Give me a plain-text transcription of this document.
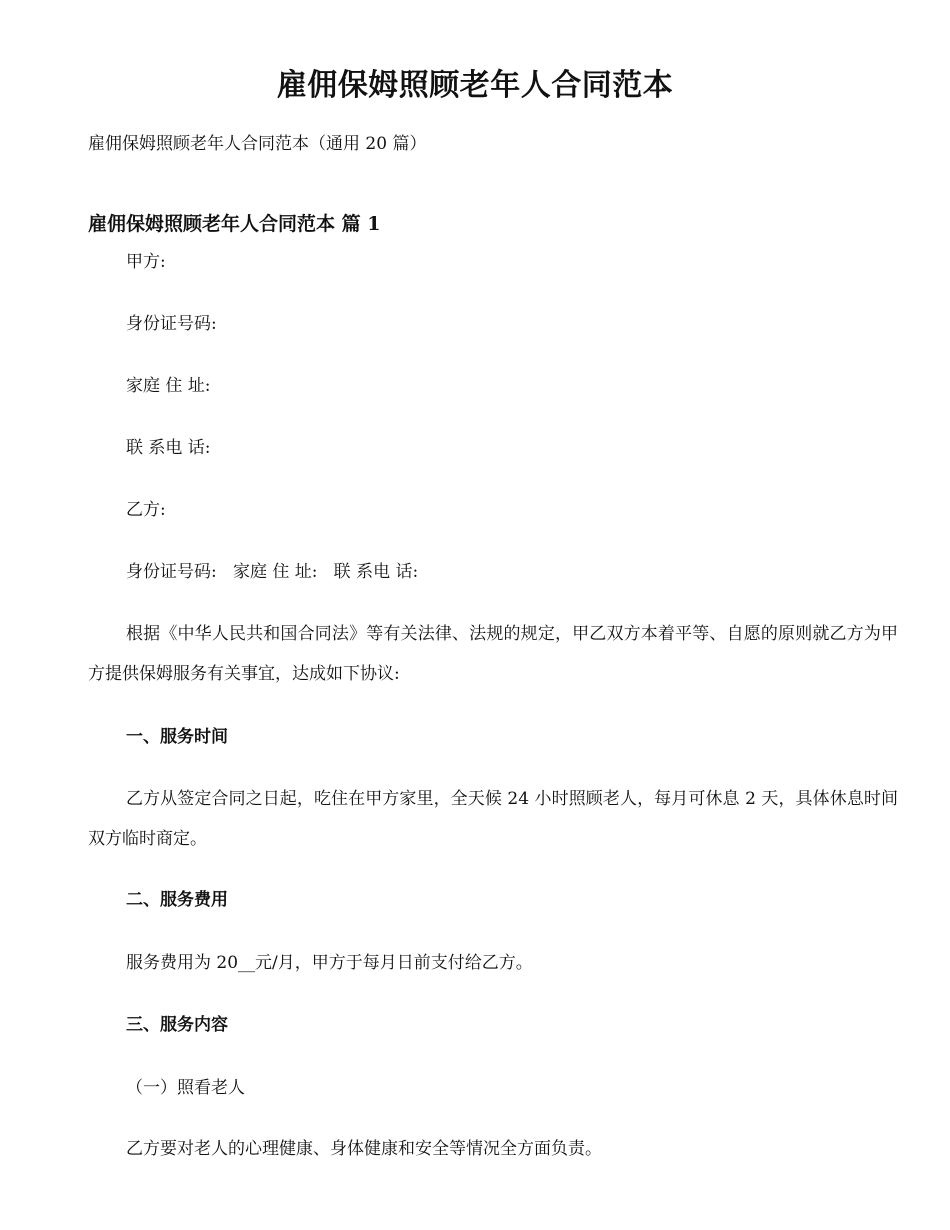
雇佣保姆照顾老年人合同范本
雇佣保姆照顾老年人合同范本（通用 20 篇）
雇佣保姆照顾老年人合同范本 篇 1
甲方:
身份证号码:
家庭 住 址:
联 系电 话:
乙方:
身份证号码:   家庭 住 址:   联 系电 话:
根据《中华人民共和国合同法》等有关法律、法规的规定，甲乙双方本着平等、自愿的原则就乙方为甲方提供保姆服务有关事宜，达成如下协议:
一、服务时间
乙方从签定合同之日起，吃住在甲方家里，全天候 24 小时照顾老人，每月可休息 2 天，具体休息时间双方临时商定。
二、服务费用
服务费用为 20__元/月，甲方于每月日前支付给乙方。
三、服务内容
（一）照看老人
乙方要对老人的心理健康、身体健康和安全等情况全方面负责。
